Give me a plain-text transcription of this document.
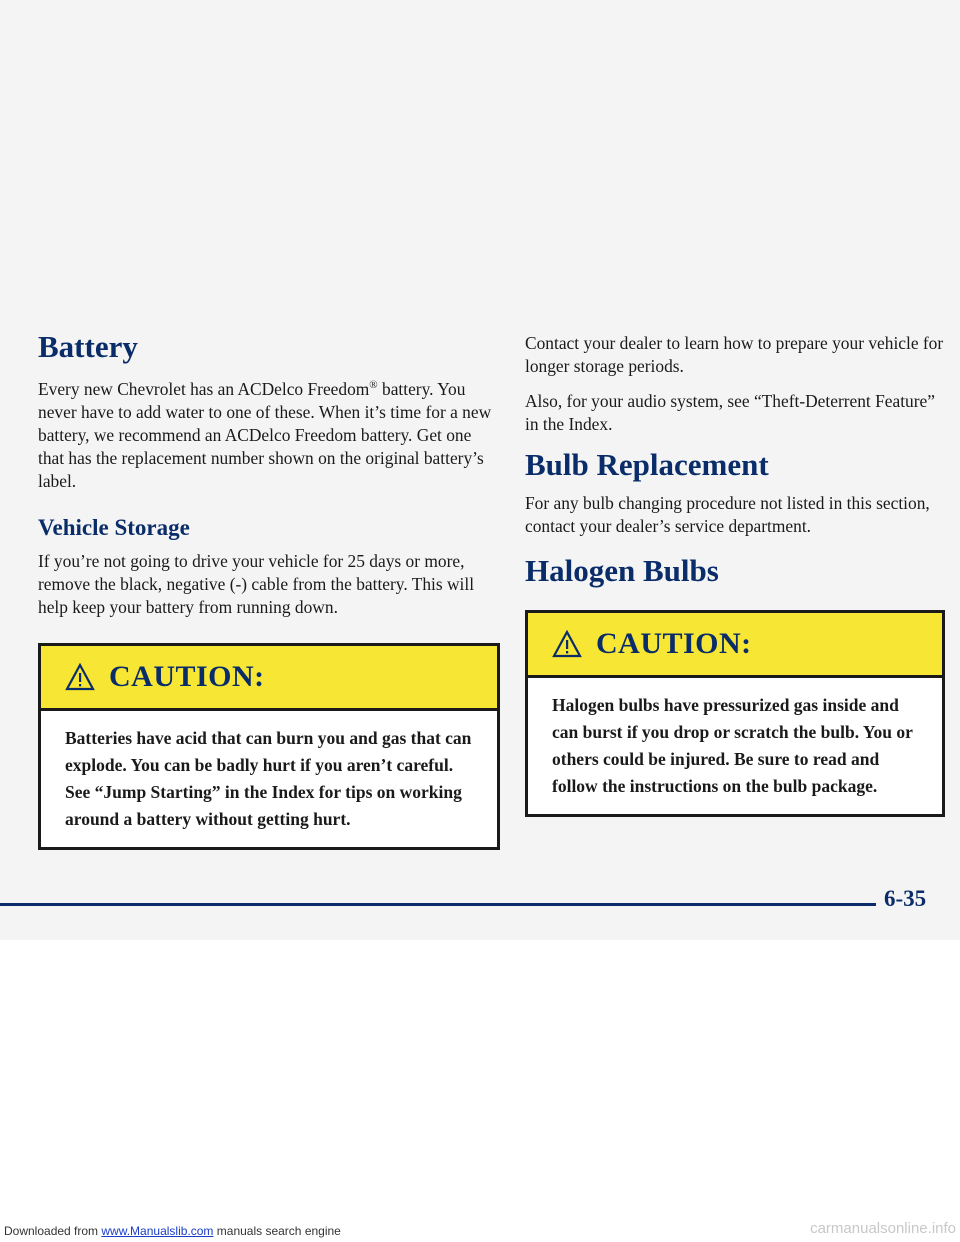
Battery

Every new Chevrolet has an ACDelco Freedom® battery. You never have to add water to one of these. When it’s time for a new battery, we recommend an ACDelco Freedom battery. Get one that has the replacement number shown on the original battery’s label.

Vehicle Storage

If you’re not going to drive your vehicle for 25 days or more, remove the black, negative (-) cable from the battery. This will help keep your battery from running down.

CAUTION:
Batteries have acid that can burn you and gas that can explode. You can be badly hurt if you aren’t careful. See “Jump Starting” in the Index for tips on working around a battery without getting hurt.

Contact your dealer to learn how to prepare your vehicle for longer storage periods.

Also, for your audio system, see “Theft-Deterrent Feature” in the Index.

Bulb Replacement

For any bulb changing procedure not listed in this section, contact your dealer’s service department.

Halogen Bulbs
CAUTION:
Halogen bulbs have pressurized gas inside and can burst if you drop or scratch the bulb. You or others could be injured. Be sure to read and follow the instructions on the bulb package.
6-35
Downloaded from www.Manualslib.com manuals search engine	carmanualsonline.info
